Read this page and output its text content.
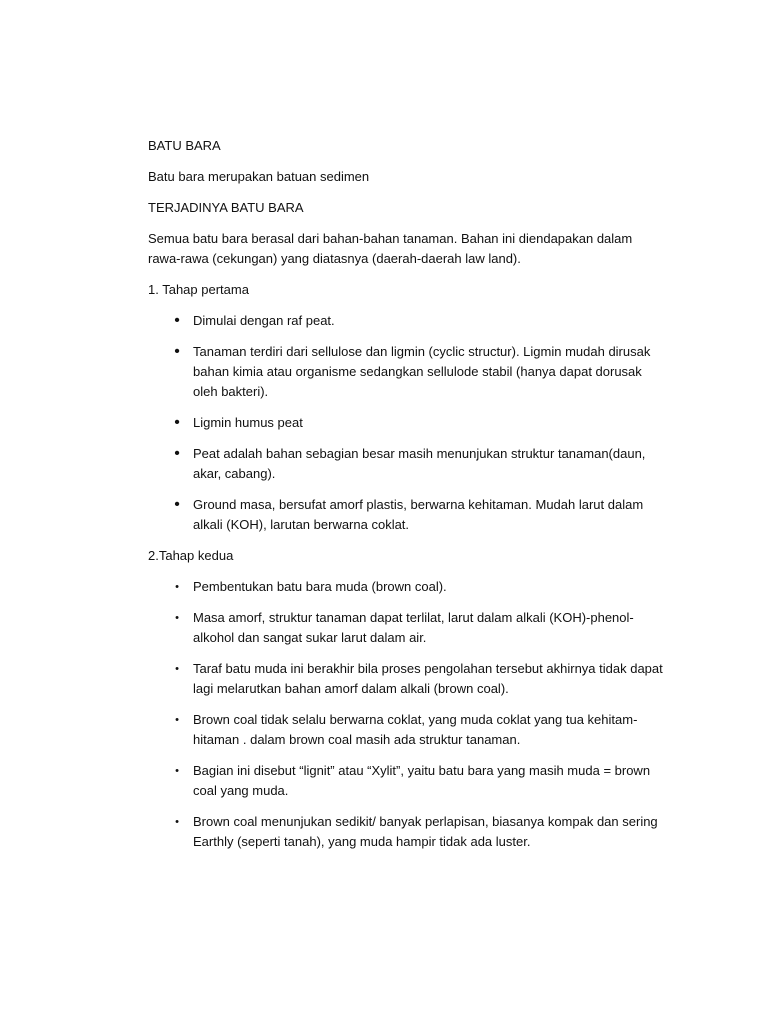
BATU BARA

Batu bara merupakan batuan sedimen

TERJADINYA BATU BARA

Semua batu bara berasal dari bahan-bahan tanaman. Bahan ini diendapakan dalam rawa-rawa (cekungan) yang diatasnya (daerah-daerah law land).

1. Tahap pertama

• Dimulai dengan raf peat.
• Tanaman terdiri dari sellulose dan ligmin (cyclic structur). Ligmin mudah dirusak bahan kimia atau organisme sedangkan sellulode stabil (hanya dapat dorusak oleh bakteri).
• Ligmin humus peat
• Peat adalah bahan sebagian besar masih menunjukan struktur tanaman(daun, akar, cabang).
• Ground masa, bersufat amorf plastis, berwarna kehitaman. Mudah larut dalam alkali (KOH), larutan berwarna coklat.

2.Tahap kedua

• Pembentukan batu bara muda (brown coal).
• Masa amorf, struktur tanaman dapat terlilat, larut dalam alkali (KOH)-phenol-alkohol dan sangat sukar larut dalam air.
• Taraf batu muda ini berakhir bila proses pengolahan tersebut akhirnya tidak dapat lagi melarutkan bahan amorf dalam alkali (brown coal).
• Brown coal tidak selalu berwarna coklat, yang muda coklat yang tua kehitam-hitaman . dalam brown coal masih ada struktur tanaman.
• Bagian ini disebut “lignit” atau “Xylit”, yaitu batu bara yang masih muda = brown coal yang muda.
• Brown coal menunjukan sedikit/ banyak perlapisan, biasanya kompak dan sering Earthly (seperti tanah), yang muda hampir tidak ada luster.
